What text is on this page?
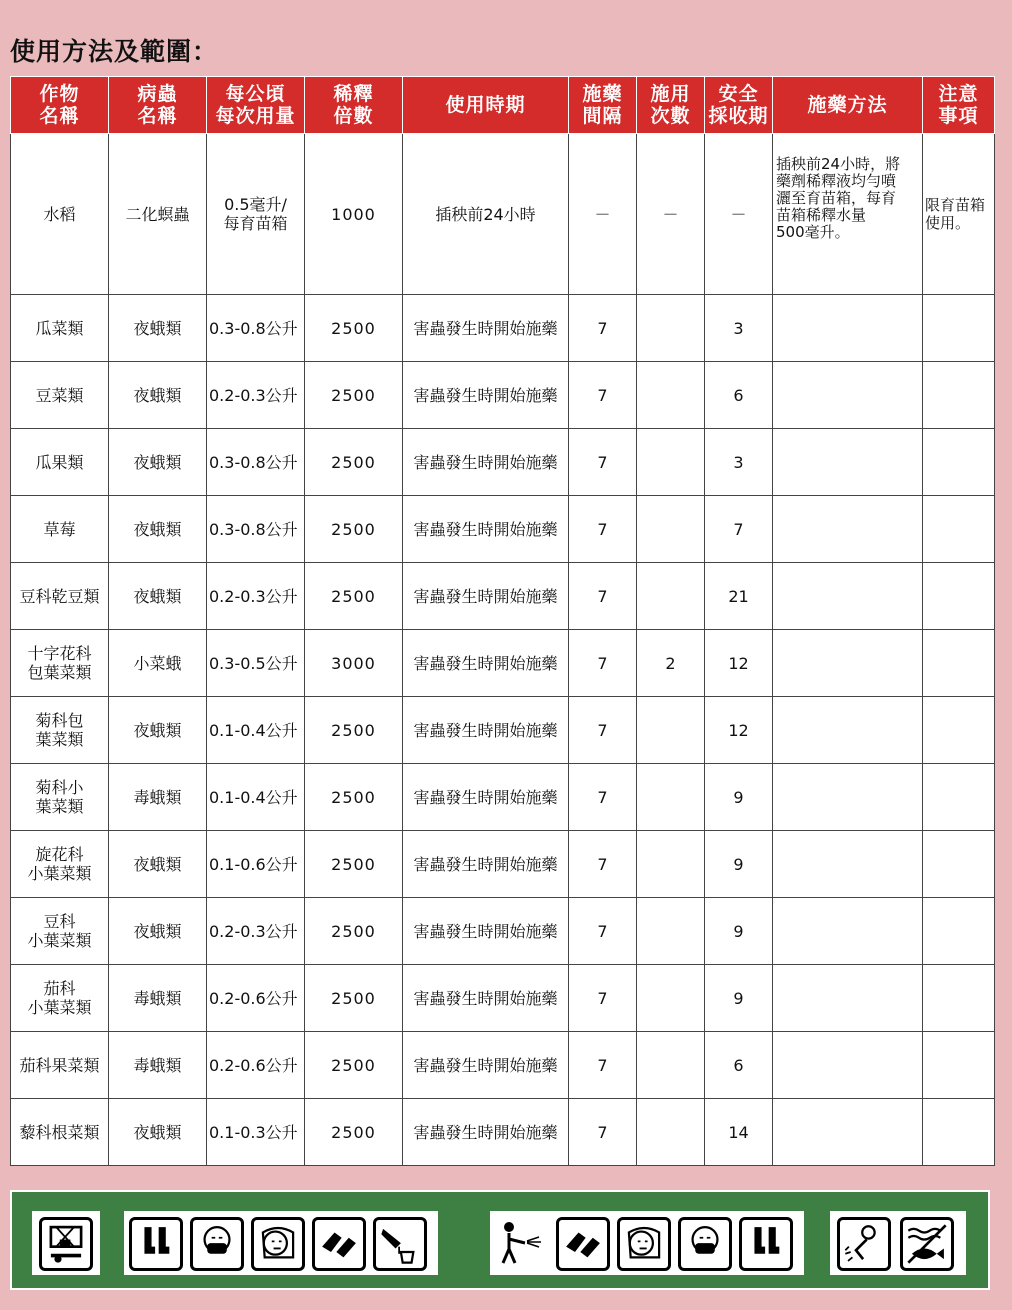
使用方法及範圍：
作物
名稱	病蟲
名稱	每公頃
每次用量	稀釋
倍數	使用時期	施藥
間隔	施用
次數	安全
採收期	施藥方法	注意
事項

水稻	二化螟蟲	0.5毫升/
每育苗箱	1000	插秧前24小時	－	－	－	插秧前24小時，將
藥劑稀釋液均勻噴
灑至育苗箱，每育
苗箱稀釋水量
500毫升。	限育苗箱
使用。

瓜菜類	夜蛾類	0.3-0.8公升	2500	害蟲發生時開始施藥	7		3		

豆菜類	夜蛾類	0.2-0.3公升	2500	害蟲發生時開始施藥	7		6		

瓜果類	夜蛾類	0.3-0.8公升	2500	害蟲發生時開始施藥	7		3		

草莓	夜蛾類	0.3-0.8公升	2500	害蟲發生時開始施藥	7		7		

豆科乾豆類	夜蛾類	0.2-0.3公升	2500	害蟲發生時開始施藥	7		21		

十字花科
包葉菜類	小菜蛾	0.3-0.5公升	3000	害蟲發生時開始施藥	7	2	12		

菊科包
葉菜類	夜蛾類	0.1-0.4公升	2500	害蟲發生時開始施藥	7		12		

菊科小
葉菜類	毒蛾類	0.1-0.4公升	2500	害蟲發生時開始施藥	7		9		

旋花科
小葉菜類	夜蛾類	0.1-0.6公升	2500	害蟲發生時開始施藥	7		9		

豆科
小葉菜類	夜蛾類	0.2-0.3公升	2500	害蟲發生時開始施藥	7		9		

茄科
小葉菜類	毒蛾類	0.2-0.6公升	2500	害蟲發生時開始施藥	7		9		

茄科果菜類	毒蛾類	0.2-0.6公升	2500	害蟲發生時開始施藥	7		6		

藜科根菜類	夜蛾類	0.1-0.3公升	2500	害蟲發生時開始施藥	7		14		
